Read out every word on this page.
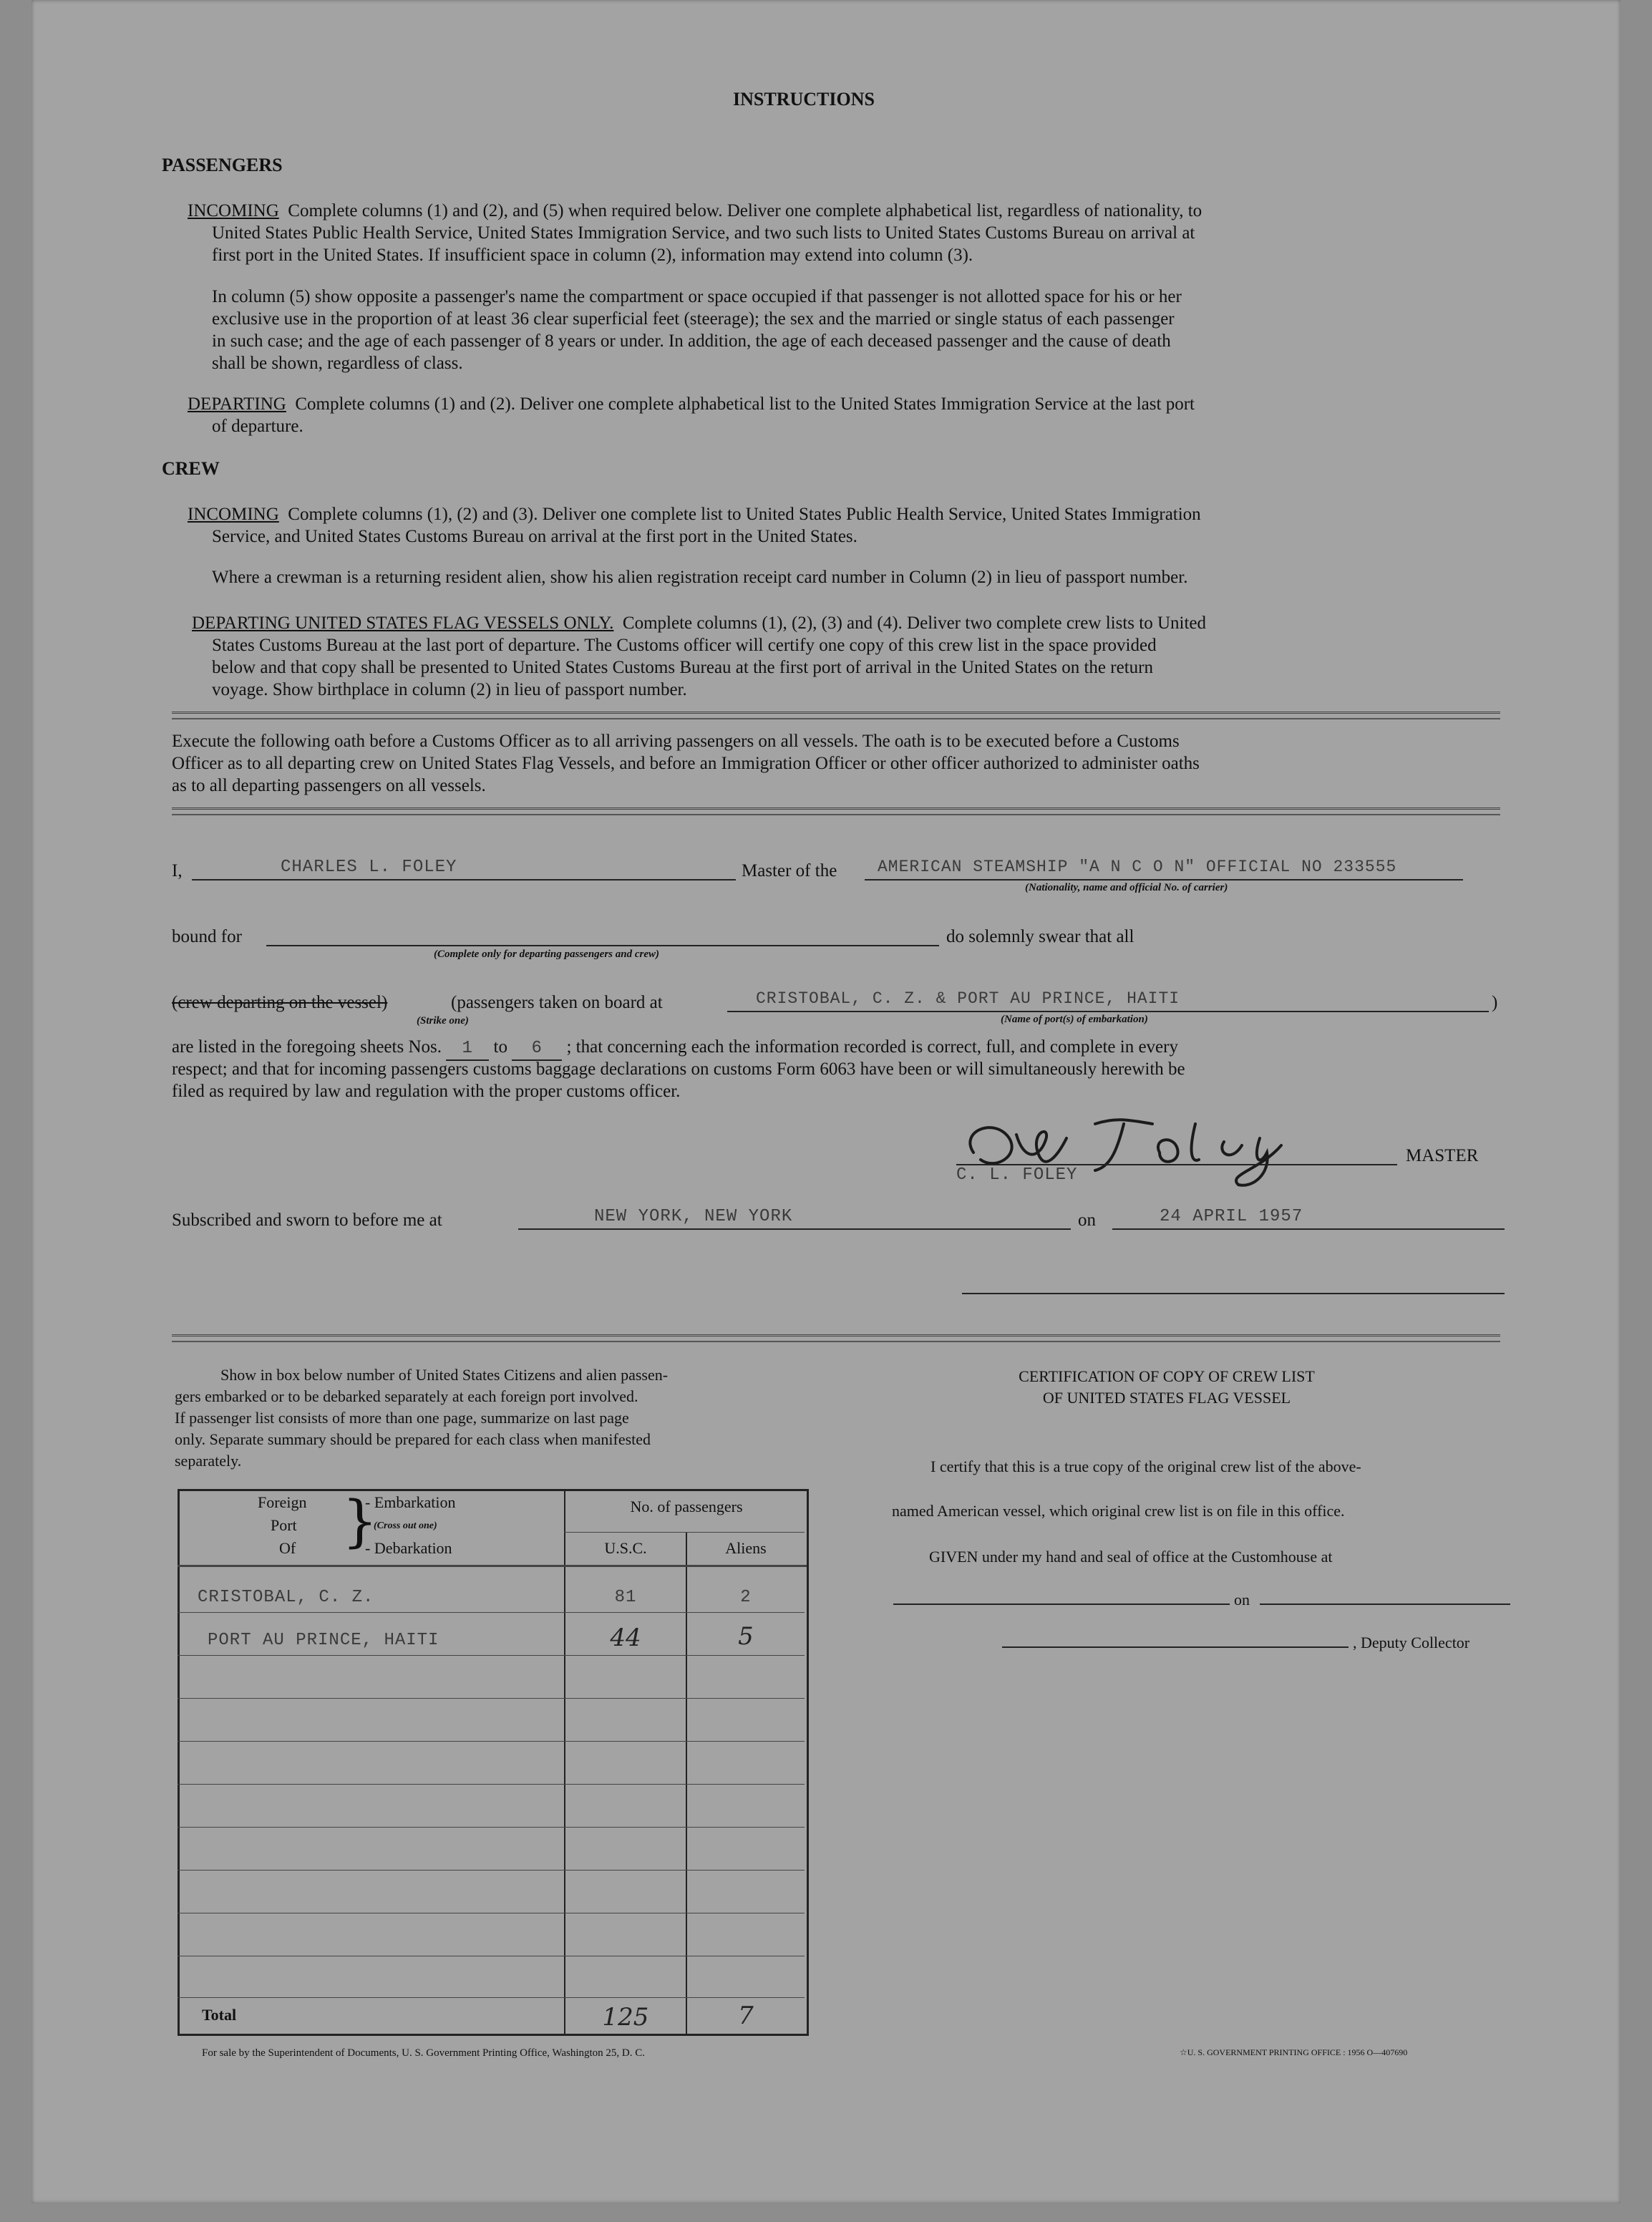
INSTRUCTIONS
PASSENGERS
INCOMING Complete columns (1) and (2), and (5) when required below. Deliver one complete alphabetical list, regardless of nationality, to
United States Public Health Service, United States Immigration Service, and two such lists to United States Customs Bureau on arrival at
first port in the United States. If insufficient space in column (2), information may extend into column (3).
In column (5) show opposite a passenger's name the compartment or space occupied if that passenger is not allotted space for his or her
exclusive use in the proportion of at least 36 clear superficial feet (steerage); the sex and the married or single status of each passenger
in such case; and the age of each passenger of 8 years or under. In addition, the age of each deceased passenger and the cause of death
shall be shown, regardless of class.
DEPARTING Complete columns (1) and (2). Deliver one complete alphabetical list to the United States Immigration Service at the last port
of departure.
CREW
INCOMING Complete columns (1), (2) and (3). Deliver one complete list to United States Public Health Service, United States Immigration
Service, and United States Customs Bureau on arrival at the first port in the United States.
Where a crewman is a returning resident alien, show his alien registration receipt card number in Column (2) in lieu of passport number.
DEPARTING UNITED STATES FLAG VESSELS ONLY. Complete columns (1), (2), (3) and (4). Deliver two complete crew lists to United
States Customs Bureau at the last port of departure. The Customs officer will certify one copy of this crew list in the space provided
below and that copy shall be presented to United States Customs Bureau at the first port of arrival in the United States on the return
voyage. Show birthplace in column (2) in lieu of passport number.
Execute the following oath before a Customs Officer as to all arriving passengers on all vessels. The oath is to be executed before a Customs
Officer as to all departing crew on United States Flag Vessels, and before an Immigration Officer or other officer authorized to administer oaths
as to all departing passengers on all vessels.
I,	CHARLES L. FOLEY	Master of the AMERICAN STEAMSHIP "A N C O N" OFFICIAL NO 233555
(Nationality, name and official No. of carrier)
bound for
(Complete only for departing passengers and crew)
do solemnly swear that all
(crew departing on the vessel)
(Strike one)
(passengers taken on board at	CRISTOBAL, C. Z. & PORT AU PRINCE, HAITI
(Name of port(s) of embarkation)
)
are listed in the foregoing sheets Nos. 1 to 6 ; that concerning each the information recorded is correct, full, and complete in every
respect; and that for incoming passengers customs baggage declarations on customs Form 6063 have been or will simultaneously herewith be
filed as required by law and regulation with the proper customs officer.
C. L. FOLEY
MASTER
Subscribed and sworn to before me at	NEW YORK, NEW YORK	on	24 APRIL 1957
Show in box below number of United States Citizens and alien passen-
gers embarked or to be debarked separately at each foreign port involved.
If passenger list consists of more than one page, summarize on last page
only. Separate summary should be prepared for each class when manifested
separately.
Foreign
Port
Of }
- Embarkation
(Cross out one)
- Debarkation
No. of passengers
U.S.C.	Aliens
CRISTOBAL, C. Z.	81	2
PORT AU PRINCE, HAITI	44	5
Total	125	7
CERTIFICATION OF COPY OF CREW LIST
OF UNITED STATES FLAG VESSEL
I certify that this is a true copy of the original crew list of the above-
named American vessel, which original crew list is on file in this office.
GIVEN under my hand and seal of office at the Customhouse at
on
, Deputy Collector
For sale by the Superintendent of Documents, U. S. Government Printing Office, Washington 25, D. C.	☆U. S. GOVERNMENT PRINTING OFFICE : 1956 O—407690
